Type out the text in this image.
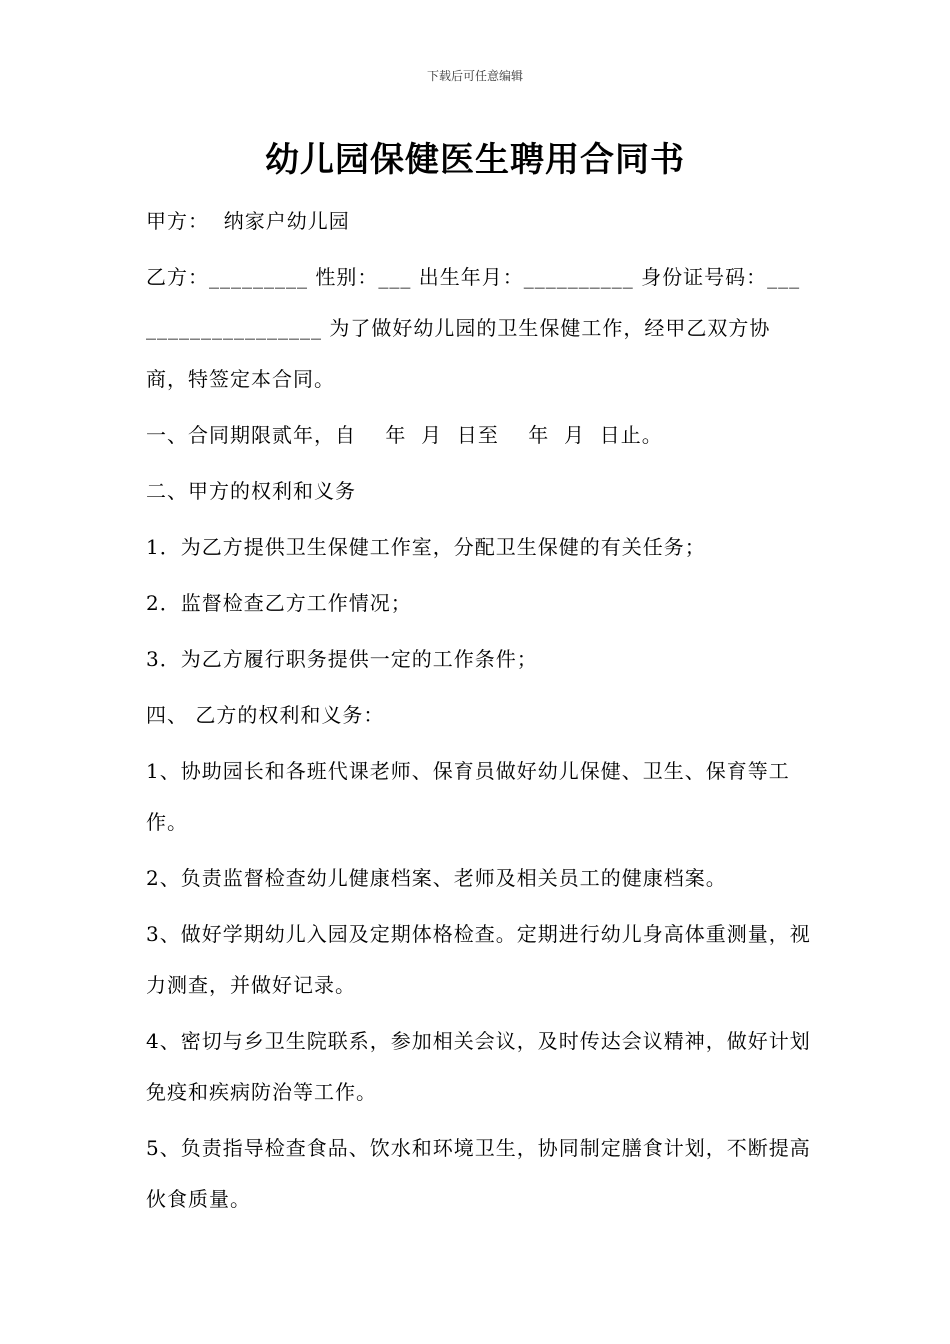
下载后可任意编辑
幼儿园保健医生聘用合同书

甲方：  纳家户幼儿园

乙方：_________ 性别：___ 出生年月：__________ 身份证号码：___________________ 为了做好幼儿园的卫生保健工作，经甲乙双方协商，特签定本合同。

一、合同期限贰年，自    年  月  日至    年  月  日止。

二、甲方的权利和义务

1．为乙方提供卫生保健工作室，分配卫生保健的有关任务；

2．监督检查乙方工作情况；

3．为乙方履行职务提供一定的工作条件；

四、 乙方的权利和义务：

1、协助园长和各班代课老师、保育员做好幼儿保健、卫生、保育等工作。

2、负责监督检查幼儿健康档案、老师及相关员工的健康档案。

3、做好学期幼儿入园及定期体格检查。定期进行幼儿身高体重测量，视力测查，并做好记录。

4、密切与乡卫生院联系，参加相关会议，及时传达会议精神，做好计划免疫和疾病防治等工作。

5、负责指导检查食品、饮水和环境卫生，协同制定膳食计划，不断提高伙食质量。
